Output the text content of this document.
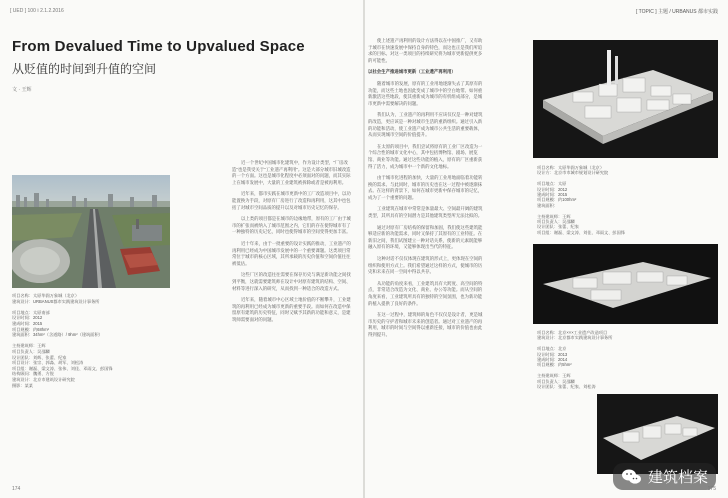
[ UED ] 100 Ⅰ 2.1.2.2016
From Devalued Time to Upvalued Space
从贬值的时间到升值的空间
文 · 王辉
项目名称：太原华润万象城（北京）
建筑设计：URBANUS都市实践建筑设计事务所

项目地点：太原南部
设计时间：2012
建成时间：2015
项目规模：约68hm²
建筑面积：34hm²（含道路）/ 9hm²（建筑面积）

主持建筑师：王辉
项目负责人：吴邵麟
设计团队：刘辉、张蕾、纪家
项目设计：张宗、郭淼、胡军、刘松涛
项目组：谢磊、梁文涛、张伟、刘佳、邓雨文、彭国锋
结构顾问：魏勇、方锐
建筑设计：北京市建筑设计研究院
摄影：某某

近一个世纪中国城市化建筑中，作为设计类型，“厂房改造”也是我受关于“工业遗产再利用”。这是大部分城市旧城改造的一个方面。这也是城市化程度中必须面对的问题，而其实际上在城市发展中，大量的工业建筑被拆除或者是被再利用。

近年来，都市实践在城市更新中的工厂改造项目中，以功能置换为手段，对原有厂房进行了改造和再利用，这其中也包括了对城市空间品质的提升以及对城市历史记忆的保存。

以上类的项目都是在城市的边缘地带，原有的工厂由于城市的扩张而被纳入了城市范围之内，它们的存在使得城市有了一种独特的历史记忆，同时也使得城市的空间变得更加丰富。

近十年来，由于一批重要的设计实践的推动，工业遗产的再利用已经成为中国城市发展中的一个重要课题。这类项目常常位于城市的核心区域，其所承载的历史价值和空间价值往往被低估。

这些厂区的改造往往需要在保存历史与满足新功能之间找到平衡，这就需要建筑师在设计中对原有建筑的结构、空间、材料等进行深入的研究，从而找到一种适合的改造方式。

近年来，随着城市中心区域土地价值的不断攀升，工业建筑的再利用已经成为城市更新的重要手段。而如何在改造中保留原有建筑的历史特征，同时又赋予其新的功能和意义，是建筑师需要面对的问题。

174
[ TOPIC ] 主题 / URBANUS 都市实践

使上述遗产再利用的设计方法得以在中国推广，又有助于城市在快速发展中保持自身的特色，而这也正是我们所追求的目标。对这一类项目的持续研究将为城市更新提供更多的可能性。

以社会生产推进城市更新（工业遗产再利用）

随着城市的发展，原有的工业用地逐渐失去了其原有的功能，而这些土地也因此变成了城市中的空白地带。如何重新激活这些地段，使其重新成为城市的有机组成部分，是城市更新中需要解决的问题。

我们认为，工业遗产的再利用不应该仅仅是一种对建筑的改造，更应该是一种对城市生活的重新组织。通过引入新的功能和活动，使工业遗产成为城市公共生活的重要载体，从而实现城市空间的价值提升。

在太原的项目中，我们尝试将原有的工业厂区改造为一个综合性的城市文化中心，其中包括博物馆、剧场、展览馆、商业等功能。通过这些功能的植入，原有的厂区重新获得了活力，成为城市中一个新的文化地标。

由于城市化进程的加快，大量的工业用地面临着功能转换的需求。与此同时，城市的历史也在这一过程中被逐渐抹去。在这样的背景下，如何在城市更新中保存城市的记忆，成为了一个重要的问题。

工业建筑在城市中常常是体量最大、空间最开阔的建筑类型，其所具有的空间潜力是其他建筑类型所无法比拟的。

通过对原有厂房结构的保留和加固，我们使这些建筑能够适应新的功能需求，同时又保持了其原有的工业特征。在新旧之间，我们试图建立一种对话关系，使新的元素既能够融入原有的环境，又能够体现出当代的特征。

这种对话不仅仅体现在建筑的形式上，更体现在空间的组织和使用方式上。我们希望通过这样的方式，使城市的历史和未来在同一空间中得以共存。

从功能的角度来看，工业建筑具有大跨度、高空间的特点，非常适合改造为文化、商业、办公等功能。而从空间的角度来看，工业建筑所具有的独特的空间氛围，也为新功能的植入提供了良好的条件。

在这一过程中，建筑师的角色不仅仅是设计者，更是城市历史的守护者和城市未来的创造者。通过对工业遗产的再利用，城市的时间与空间得以重新连接，城市的价值也由此得到提升。

项目名称：太原华润万象城（北京）
设计方：北京市市城市规划设计研究院

项目地点：太原
设计时间：2012
建成时间：2015
项目规模：约100hm²
建筑面积：

主持建筑师：王辉
项目负责人：吴邵麟
设计团队：张蕾、纪家
项目组：谢磊、梁文涛、刘佳、邓雨文、彭国锋
项目名称：北京×××工业遗产改造项目
建筑设计：北京都市实践建筑设计事务所

项目地点：北京
设计时间：2013
建成时间：2014
项目规模：约5hm²

主持建筑师：王辉
项目负责人：吴邵麟
设计团队：张蕾、纪家、刘松涛
建筑档案
175
